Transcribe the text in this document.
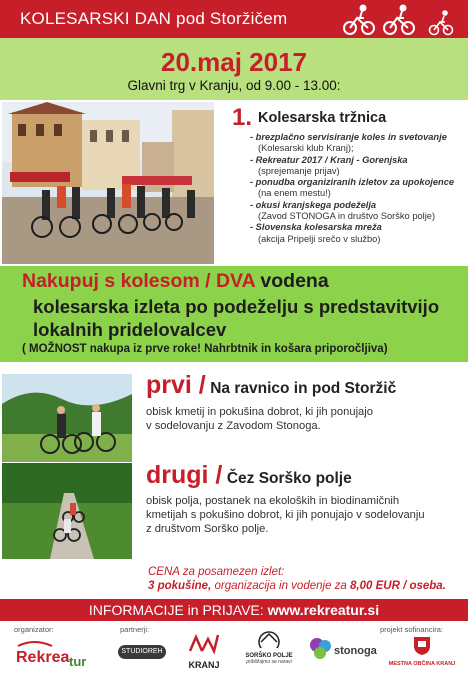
KOLESARSKI DAN pod Storžičem
20.maj 2017
Glavni trg v Kranju, od 9.00 - 13.00:
1. Kolesarska tržnica
- brezplačno servisiranje koles in svetovanje
(Kolesarski klub Kranj);
- Rekreatur 2017 / Kranj - Gorenjska
(sprejemanje prijav)
- ponudba organiziranih izletov za upokojence
(na enem mestu!)
- okusi kranjskega podeželja
(Zavod STONOGA in društvo Sorško polje)
- Slovenska kolesarska mreža
(akcija Pripelji srečo v službo)
Nakupuj s kolesom / DVA vodena
kolesarska izleta po podeželju s predstavitvijo
lokalnih pridelovalcev
( MOŽNOST nakupa iz prve roke! Nahrbtnik in košara priporočljiva)
prvi / Na ravnico in pod Storžič
obisk kmetij in pokušina dobrot, ki jih ponujajo
v sodelovanju z Zavodom Stonoga.
drugi / Čez Sorško polje
obisk polja, postanek na ekoloških in biodinamičnih
kmetijah s pokušino dobrot, ki jih ponujajo v sodelovanju
z društvom Sorško polje.
CENA za posamezen izlet:
3 pokušine, organizacija in vodenje za 8,00 EUR / oseba.
INFORMACIJE in PRIJAVE: www.rekreatur.si
organizator:	partnerji:	projekt sofinancira:
Rekrea tur
STUDIOREH
KRANJ
SORŠKO POLJE
približajmo se naravi
stonoga
MESTNA OBČINA KRANJ
